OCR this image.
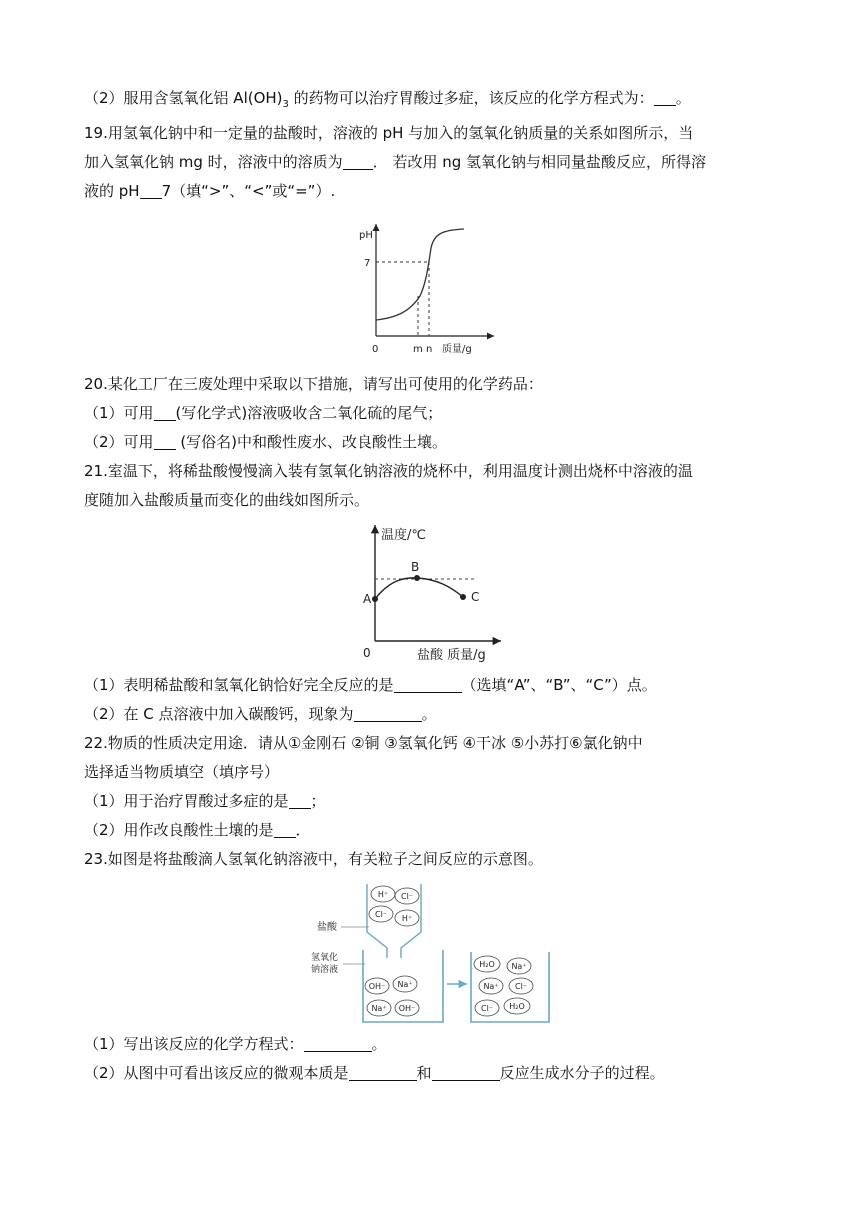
（2）服用含氢氧化铝 $Al(OH)_3$ 的药物可以治疗胃酸过多症，该反应的化学方程式为： 。
19.用氢氧化钠中和一定量的盐酸时，溶液的 pH 与加入的氢氧化钠质量的关系如图所示，当
加入氢氧化钠 mg 时，溶液中的溶质为 ． 若改用 ng 氢氧化钠与相同量盐酸反应，所得溶
液的 pH 7（填“>”、“<”或“=”）.
pH
7
0	m n 质量/g
20.某化工厂在三废处理中采取以下措施，请写出可使用的化学药品：
（1）可用 (写化学式)溶液吸收含二氧化硫的尾气；
（2）可用 (写俗名)中和酸性废水、改良酸性土壤。
21.室温下，将稀盐酸慢慢滴入装有氢氧化钠溶液的烧杯中，利用温度计测出烧杯中溶液的温
度随加入盐酸质量而变化的曲线如图所示。
温度/℃
A
B
C
0	盐酸 质量/g
（1）表明稀盐酸和氢氧化钠恰好完全反应的是	（选填“A”、“B”、“C”）点。
（2）在 C 点溶液中加入碳酸钙，现象为	。
22.物质的性质决定用途．请从①金刚石 ②铜 ③氢氧化钙 ④干冰 ⑤小苏打⑥氯化钠中
选择适当物质填空（填序号）
（1）用于治疗胃酸过多症的是 ；
（2）用作改良酸性土壤的是 ．
23.如图是将盐酸滴人氢氧化钠溶液中，有关粒子之间反应的示意图。
H⁺ Cl⁻
Cl⁻ H⁺
OH⁻ Na⁺
Na⁺ OH⁻
H₂O Na⁺
Na⁺ Cl⁻
Cl⁻ H₂O
盐酸
氢氧化
钠溶液
（1）写出该反应的化学方程式：	。
（2）从图中可看出该反应的微观本质是	和	反应生成水分子的过程。
